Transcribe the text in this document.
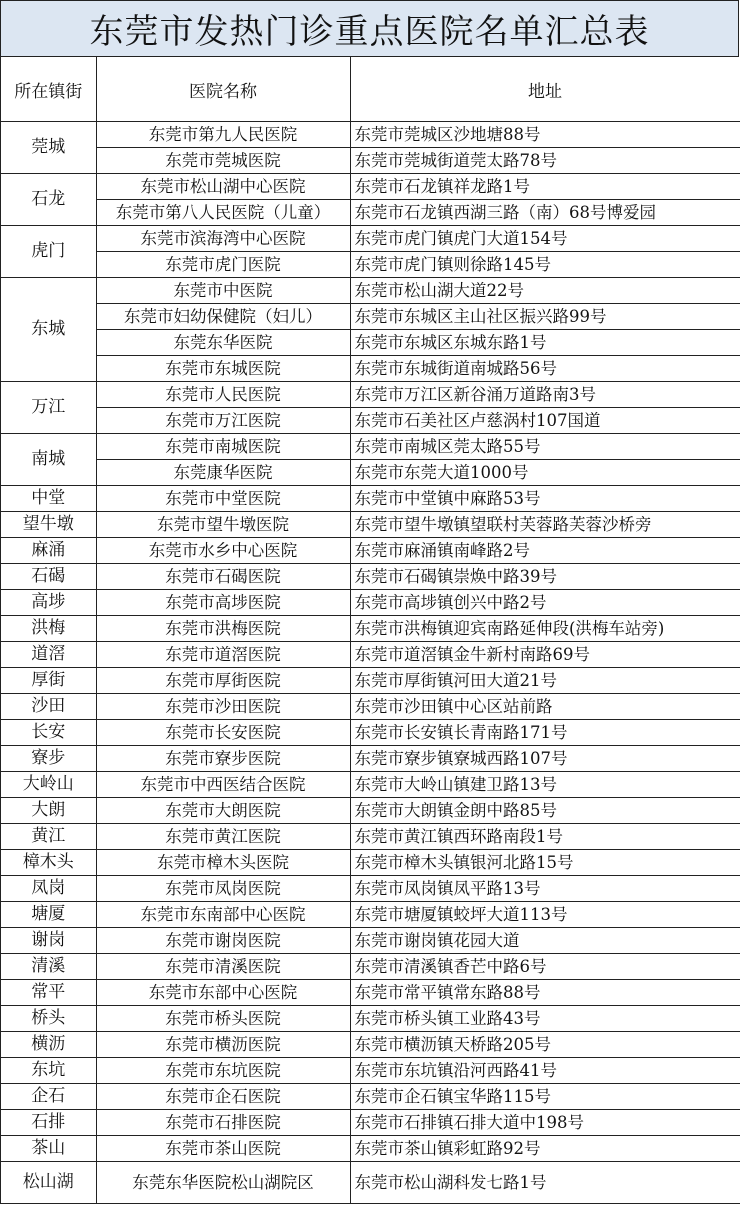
东莞市发热门诊重点医院名单汇总表
所在镇街	医院名称	地址
莞城	东莞市第九人民医院	东莞市莞城区沙地塘88号
	东莞市莞城医院	东莞市莞城街道莞太路78号
石龙	东莞市松山湖中心医院	东莞市石龙镇祥龙路1号
	东莞市第八人民医院（儿童）	东莞市石龙镇西湖三路（南）68号博爱园
虎门	东莞市滨海湾中心医院	东莞市虎门镇虎门大道154号
	东莞市虎门医院	东莞市虎门镇则徐路145号
东城	东莞市中医院	东莞市松山湖大道22号
	东莞市妇幼保健院（妇儿）	东莞市东城区主山社区振兴路99号
	东莞东华医院	东莞市东城区东城东路1号
	东莞市东城医院	东莞市东城街道南城路56号
万江	东莞市人民医院	东莞市万江区新谷涌万道路南3号
	东莞市万江医院	东莞市石美社区卢慈涡村107国道
南城	东莞市南城医院	东莞市南城区莞太路55号
	东莞康华医院	东莞市东莞大道1000号
中堂	东莞市中堂医院	东莞市中堂镇中麻路53号
望牛墩	东莞市望牛墩医院	东莞市望牛墩镇望联村芙蓉路芙蓉沙桥旁
麻涌	东莞市水乡中心医院	东莞市麻涌镇南峰路2号
石碣	东莞市石碣医院	东莞市石碣镇崇焕中路39号
高埗	东莞市高埗医院	东莞市高埗镇创兴中路2号
洪梅	东莞市洪梅医院	东莞市洪梅镇迎宾南路延伸段(洪梅车站旁)
道滘	东莞市道滘医院	东莞市道滘镇金牛新村南路69号
厚街	东莞市厚街医院	东莞市厚街镇河田大道21号
沙田	东莞市沙田医院	东莞市沙田镇中心区站前路
长安	东莞市长安医院	东莞市长安镇长青南路171号
寮步	东莞市寮步医院	东莞市寮步镇寮城西路107号
大岭山	东莞市中西医结合医院	东莞市大岭山镇建卫路13号
大朗	东莞市大朗医院	东莞市大朗镇金朗中路85号
黄江	东莞市黄江医院	东莞市黄江镇西环路南段1号
樟木头	东莞市樟木头医院	东莞市樟木头镇银河北路15号
凤岗	东莞市凤岗医院	东莞市凤岗镇凤平路13号
塘厦	东莞市东南部中心医院	东莞市塘厦镇蛟坪大道113号
谢岗	东莞市谢岗医院	东莞市谢岗镇花园大道
清溪	东莞市清溪医院	东莞市清溪镇香芒中路6号
常平	东莞市东部中心医院	东莞市常平镇常东路88号
桥头	东莞市桥头医院	东莞市桥头镇工业路43号
横沥	东莞市横沥医院	东莞市横沥镇天桥路205号
东坑	东莞市东坑医院	东莞市东坑镇沿河西路41号
企石	东莞市企石医院	东莞市企石镇宝华路115号
石排	东莞市石排医院	东莞市石排镇石排大道中198号
茶山	东莞市茶山医院	东莞市茶山镇彩虹路92号
松山湖	东莞东华医院松山湖院区	东莞市松山湖科发七路1号
